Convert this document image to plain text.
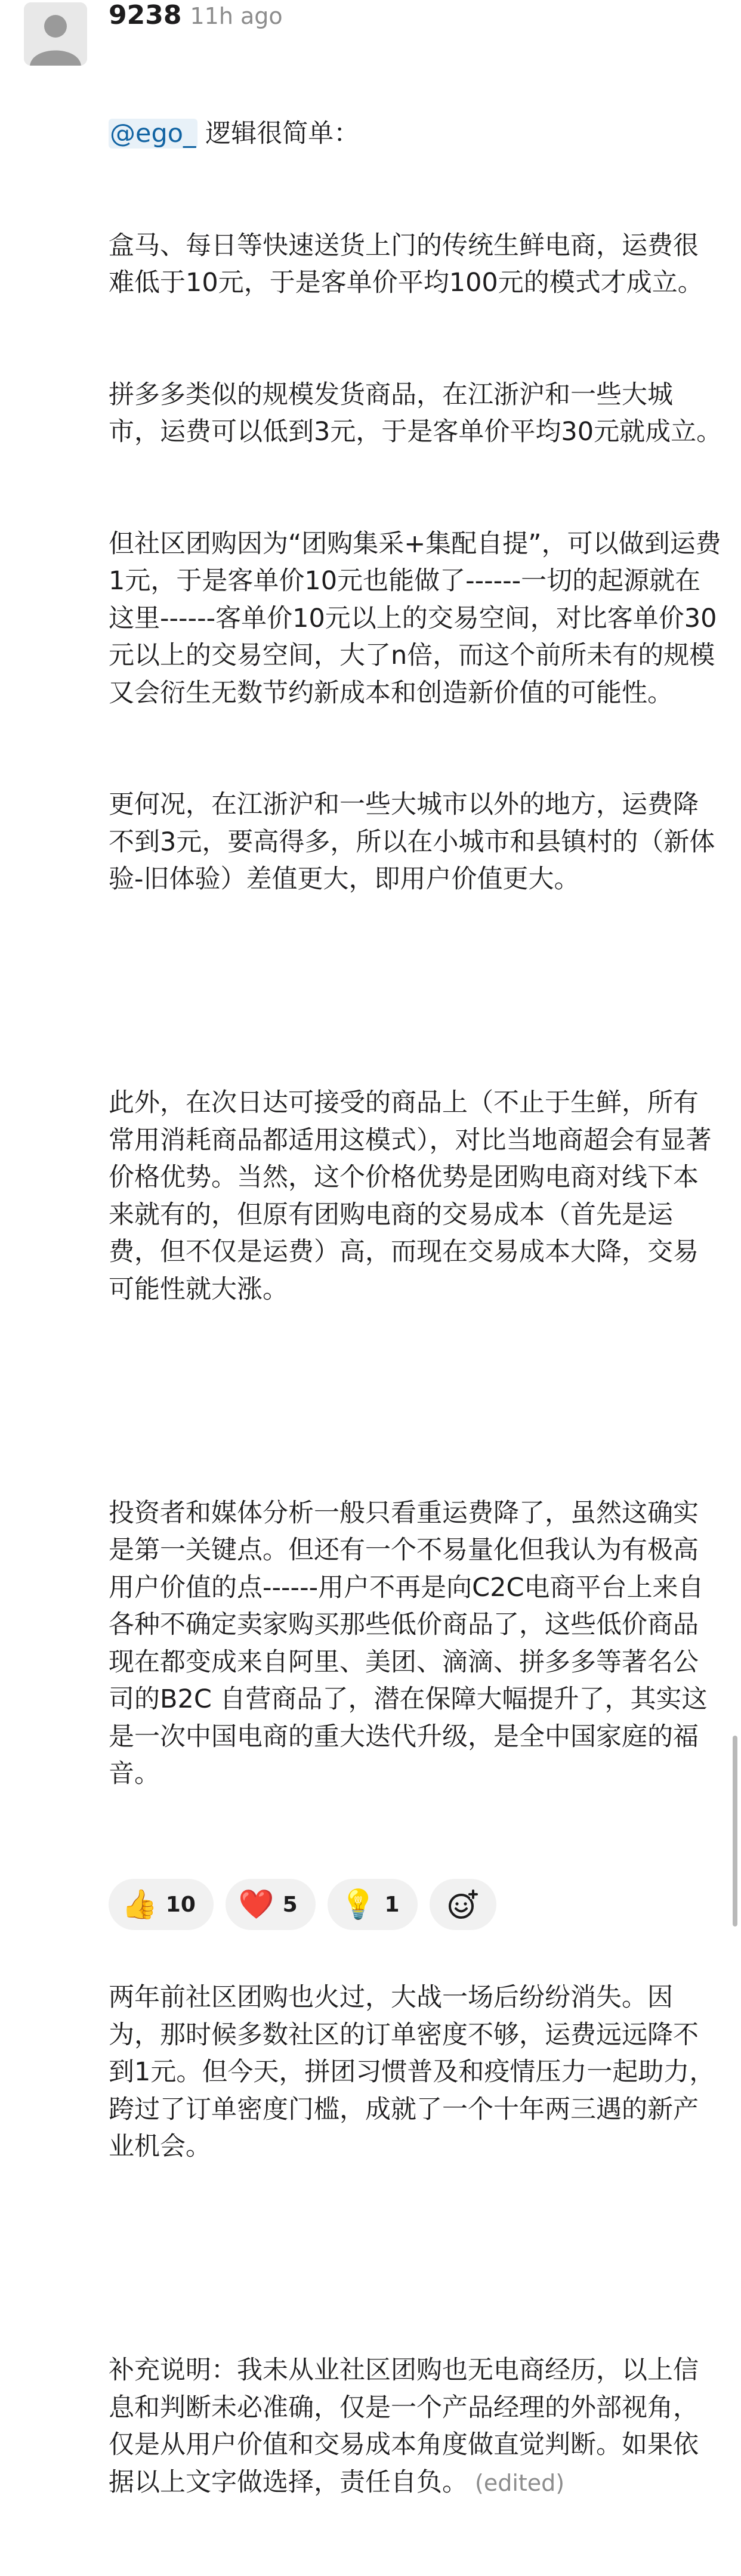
9238 11h ago

@ego_ 逻辑很简单：

盒马、每日等快速送货上门的传统生鲜电商，运费很难低于10元，于是客单价平均100元的模式才成立。

拼多多类似的规模发货商品，在江浙沪和一些大城市，运费可以低到3元，于是客单价平均30元就成立。

但社区团购因为“团购集采+集配自提”，可以做到运费1元，于是客单价10元也能做了------一切的起源就在这里------客单价10元以上的交易空间，对比客单价30元以上的交易空间，大了n倍，而这个前所未有的规模又会衍生无数节约新成本和创造新价值的可能性。

更何况，在江浙沪和一些大城市以外的地方，运费降不到3元，要高得多，所以在小城市和县镇村的（新体验-旧体验）差值更大，即用户价值更大。

此外，在次日达可接受的商品上（不止于生鲜，所有常用消耗商品都适用这模式），对比当地商超会有显著价格优势。当然，这个价格优势是团购电商对线下本来就有的，但原有团购电商的交易成本（首先是运费，但不仅是运费）高，而现在交易成本大降，交易可能性就大涨。

投资者和媒体分析一般只看重运费降了，虽然这确实是第一关键点。但还有一个不易量化但我认为有极高用户价值的点------用户不再是向C2C电商平台上来自各种不确定卖家购买那些低价商品了，这些低价商品现在都变成来自阿里、美团、滴滴、拼多多等著名公司的B2C 自营商品了，潜在保障大幅提升了，其实这是一次中国电商的重大迭代升级，是全中国家庭的福音。

两年前社区团购也火过，大战一场后纷纷消失。因为，那时候多数社区的订单密度不够，运费远远降不到1元。但今天，拼团习惯普及和疫情压力一起助力，跨过了订单密度门槛，成就了一个十年两三遇的新产业机会。

补充说明：我未从业社区团购也无电商经历，以上信息和判断未必准确，仅是一个产品经理的外部视角，仅是从用户价值和交易成本角度做直觉判断。如果依据以上文字做选择，责任自负。 (edited)

👍 10 ❤️ 5 💡 1
